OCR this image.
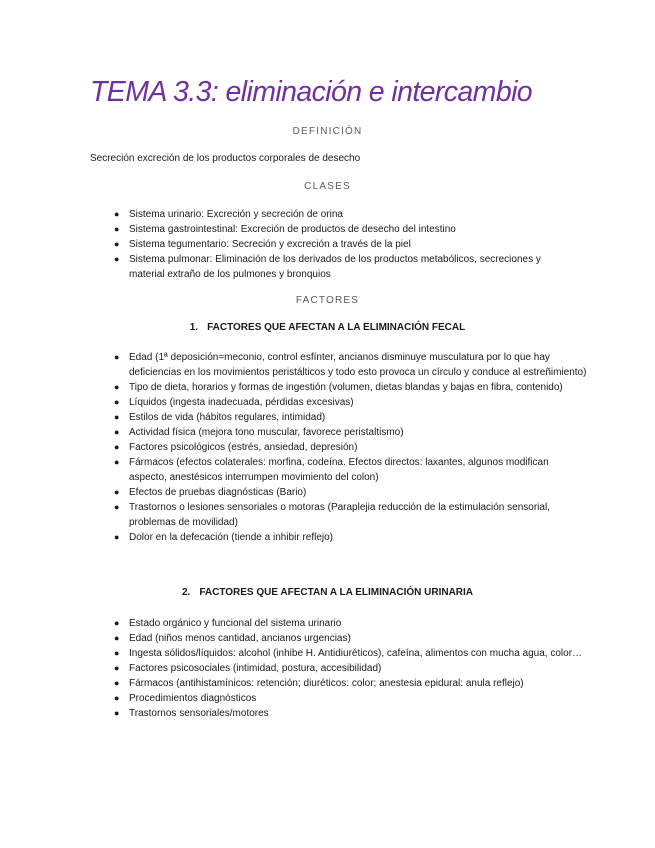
TEMA 3.3: eliminación e intercambio

DEFINICIÓN

Secreción excreción de los productos corporales de desecho

CLASES

● Sistema urinario: Excreción y secreción de orina
● Sistema gastrointestinal: Excreción de productos de desecho del intestino
● Sistema tegumentario: Secreción y excreción a través de la piel
● Sistema pulmonar: Eliminación de los derivados de los productos metabólicos, secreciones y material extraño de los pulmones y bronquios

FACTORES

1. FACTORES QUE AFECTAN A LA ELIMINACIÓN FECAL

● Edad (1ª deposición=meconio, control esfínter, ancianos disminuye musculatura por lo que hay deficiencias en los movimientos peristálticos y todo esto provoca un círculo y conduce al estreñimiento)
● Tipo de dieta, horarios y formas de ingestión (volumen, dietas blandas y bajas en fibra, contenido)
● Líquidos (ingesta inadecuada, pérdidas excesivas)
● Estilos de vida (hábitos regulares, intimidad)
● Actividad física (mejora tono muscular, favorece peristaltismo)
● Factores psicológicos (estrés, ansiedad, depresión)
● Fármacos (efectos colaterales: morfina, codeína. Efectos directos: laxantes, algunos modifican aspecto, anestésicos interrumpen movimiento del colon)
● Efectos de pruebas diagnósticas (Bario)
● Trastornos o lesiones sensoriales o motoras (Paraplejia reducción de la estimulación sensorial, problemas de movilidad)
● Dolor en la defecación (tiende a inhibir reflejo)

2. FACTORES QUE AFECTAN A LA ELIMINACIÓN URINARIA

● Estado orgánico y funcional del sistema urinario
● Edad (niños menos cantidad, ancianos urgencias)
● Ingesta sólidos/líquidos: alcohol (inhibe H. Antidiuréticos), cafeína, alimentos con mucha agua, color…
● Factores psicosociales (intimidad, postura, accesibilidad)
● Fármacos (antihistamínicos: retención; diuréticos: color; anestesia epidural: anula reflejo)
● Procedimientos diagnósticos
● Trastornos sensoriales/motores
